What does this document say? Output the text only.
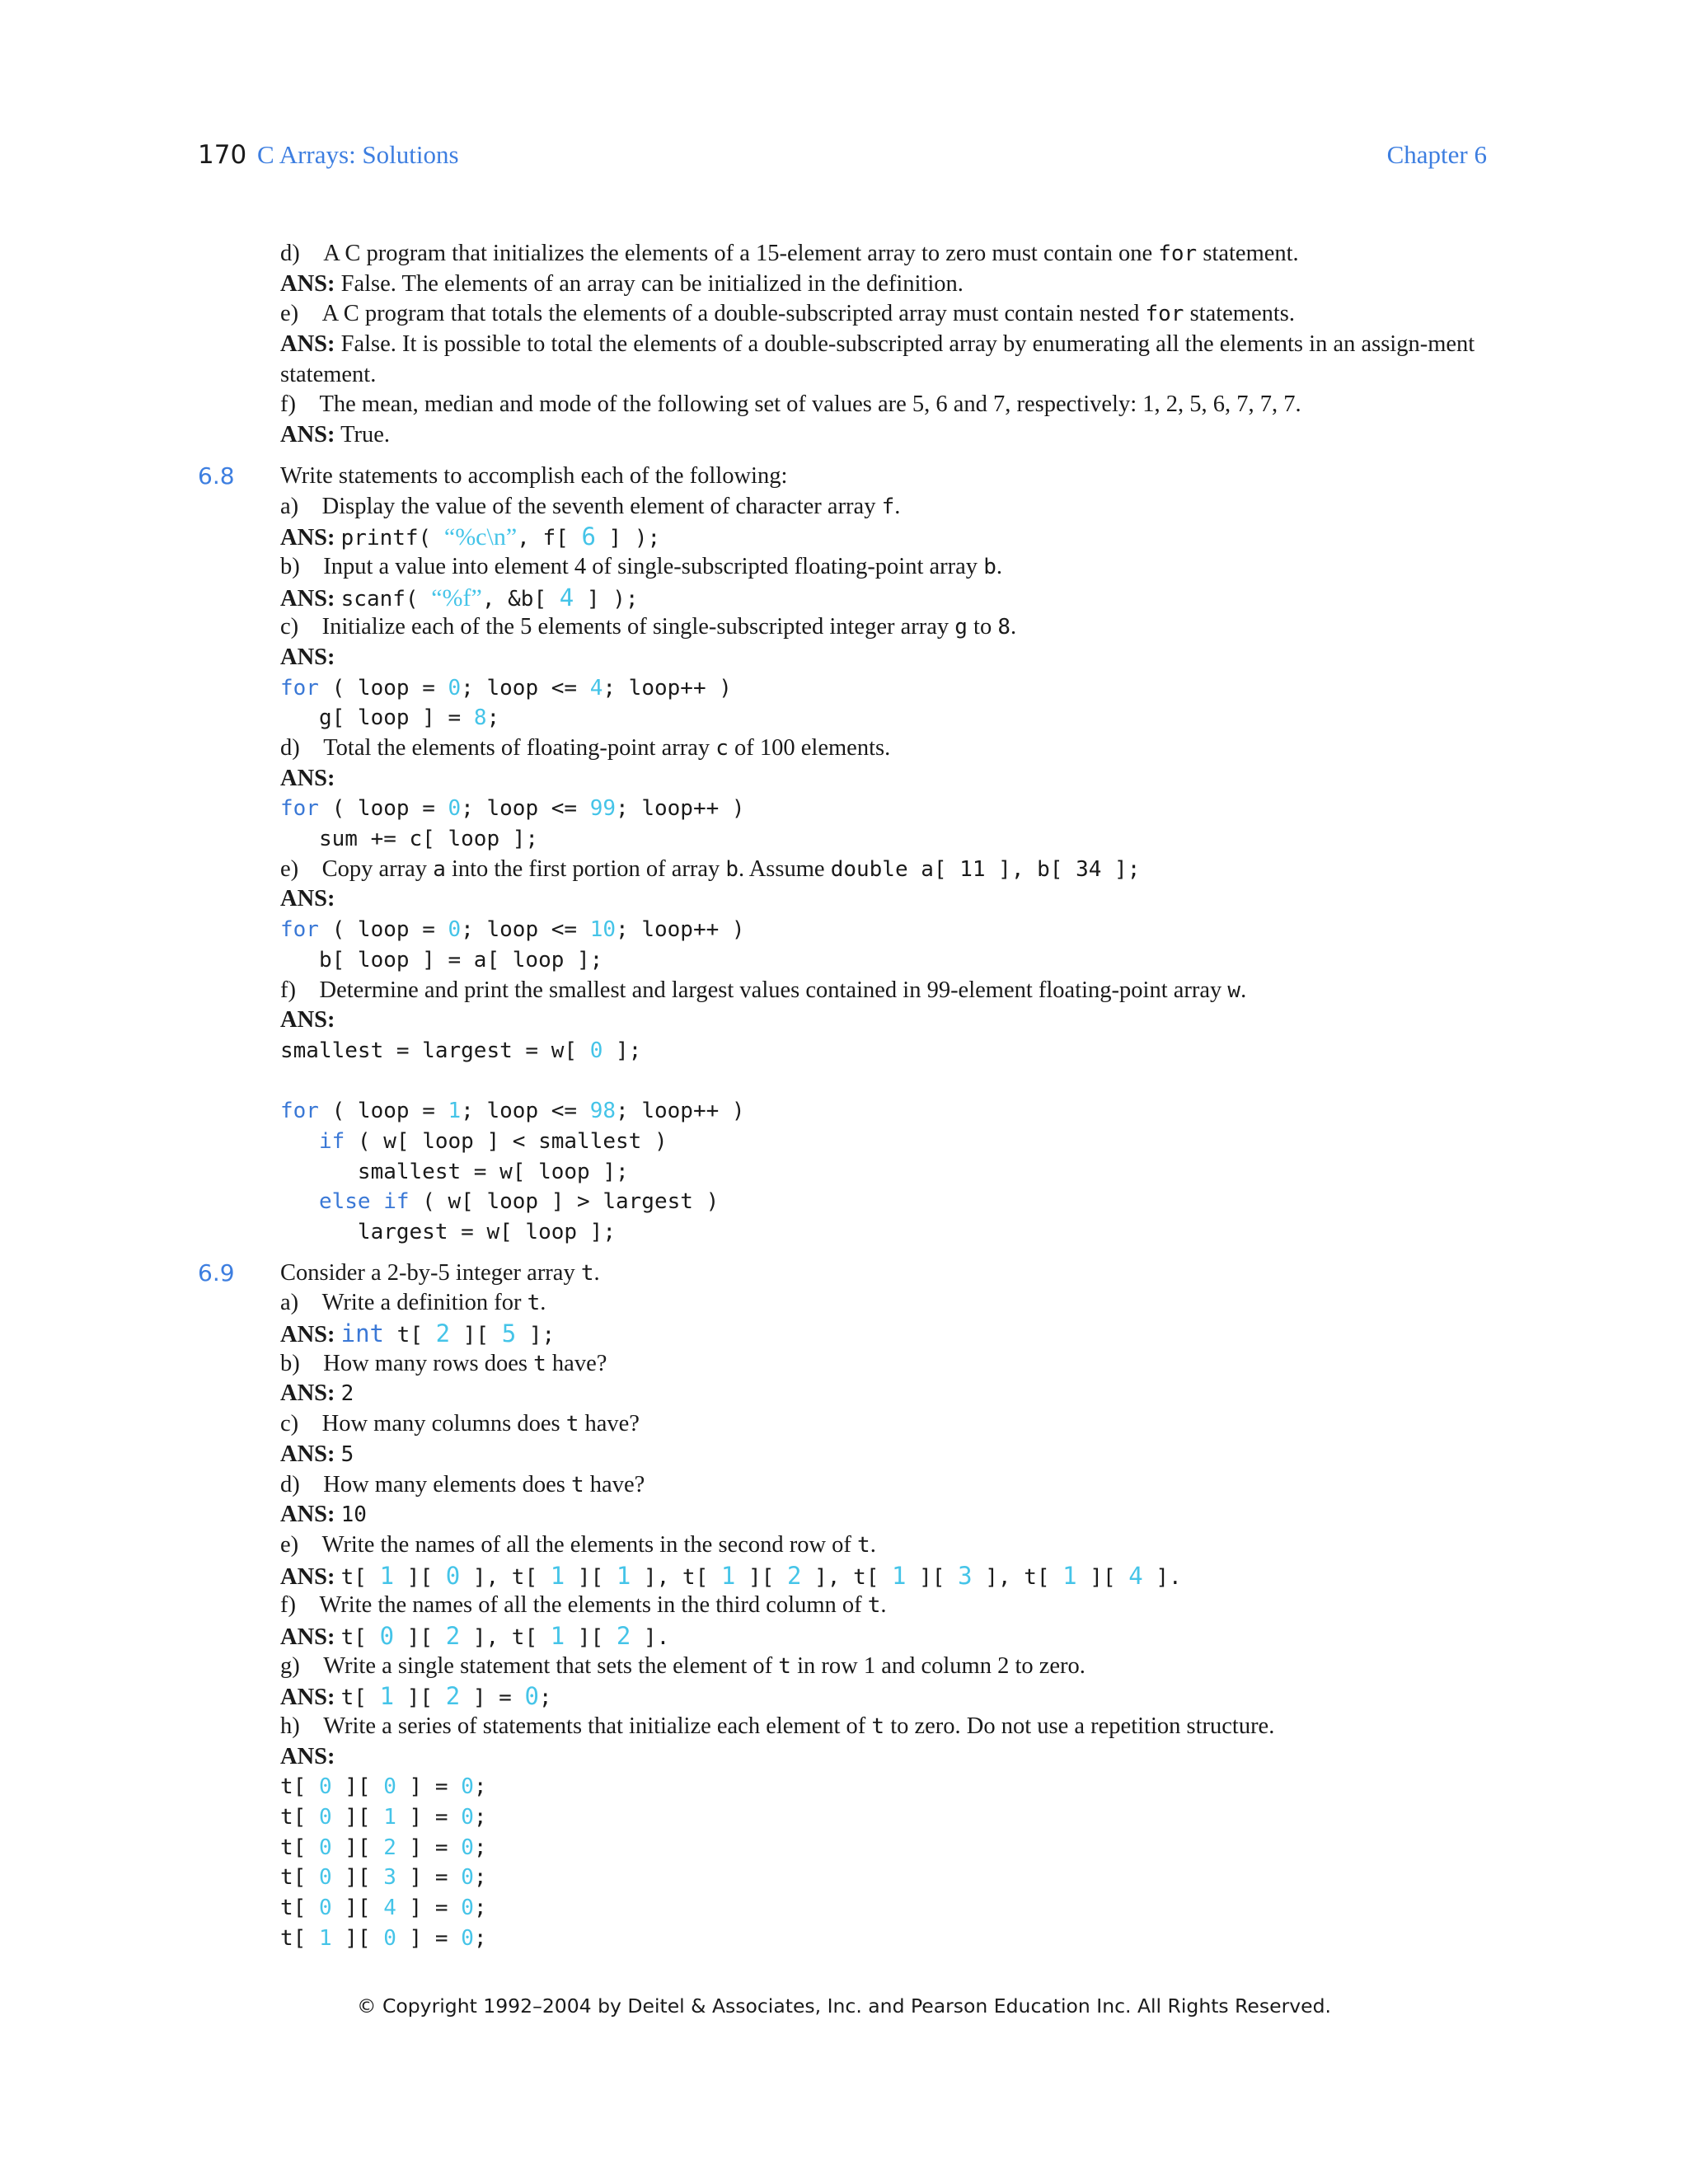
170 C Arrays: Solutions	Chapter 6
d) A C program that initializes the elements of a 15-element array to zero must contain one for statement.
ANS: False. The elements of an array can be initialized in the definition.
e) A C program that totals the elements of a double-subscripted array must contain nested for statements.
ANS: False. It is possible to total the elements of a double-subscripted array by enumerating all the elements in an assign-ment statement.
f) The mean, median and mode of the following set of values are 5, 6 and 7, respectively: 1, 2, 5, 6, 7, 7, 7.
ANS: True.
6.8 Write statements to accomplish each of the following:
a) Display the value of the seventh element of character array f.
ANS: printf( “%c\n”, f[ 6 ] );
b) Input a value into element 4 of single-subscripted floating-point array b.
ANS: scanf( “%f”, &b[ 4 ] );
c) Initialize each of the 5 elements of single-subscripted integer array g to 8.
ANS:
for ( loop = 0; loop <= 4; loop++ )
g[ loop ] = 8;
d) Total the elements of floating-point array c of 100 elements.
ANS:
for ( loop = 0; loop <= 99; loop++ )
sum += c[ loop ];
e) Copy array a into the first portion of array b. Assume double a[ 11 ], b[ 34 ];
ANS:
for ( loop = 0; loop <= 10; loop++ )
b[ loop ] = a[ loop ];
f) Determine and print the smallest and largest values contained in 99-element floating-point array w.
ANS:
smallest = largest = w[ 0 ];
for ( loop = 1; loop <= 98; loop++ )
if ( w[ loop ] < smallest )
smallest = w[ loop ];
else if ( w[ loop ] > largest )
largest = w[ loop ];
6.9 Consider a 2-by-5 integer array t.
a) Write a definition for t.
ANS: int t[ 2 ][ 5 ];
b) How many rows does t have?
ANS: 2
c) How many columns does t have?
ANS: 5
d) How many elements does t have?
ANS: 10
e) Write the names of all the elements in the second row of t.
ANS: t[ 1 ][ 0 ], t[ 1 ][ 1 ], t[ 1 ][ 2 ], t[ 1 ][ 3 ], t[ 1 ][ 4 ].
f) Write the names of all the elements in the third column of t.
ANS: t[ 0 ][ 2 ], t[ 1 ][ 2 ].
g) Write a single statement that sets the element of t in row 1 and column 2 to zero.
ANS: t[ 1 ][ 2 ] = 0;
h) Write a series of statements that initialize each element of t to zero. Do not use a repetition structure.
ANS:
t[ 0 ][ 0 ] = 0;
t[ 0 ][ 1 ] = 0;
t[ 0 ][ 2 ] = 0;
t[ 0 ][ 3 ] = 0;
t[ 0 ][ 4 ] = 0;
t[ 1 ][ 0 ] = 0;
© Copyright 1992–2004 by Deitel & Associates, Inc. and Pearson Education Inc. All Rights Reserved.
